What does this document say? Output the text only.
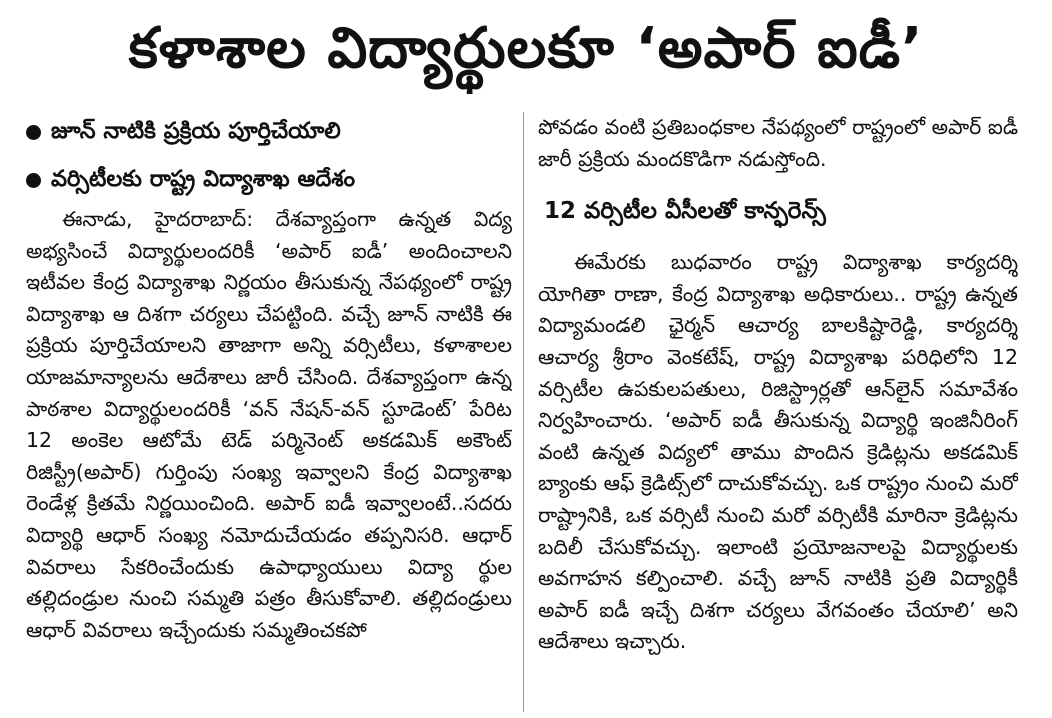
కళాశాల విద్యార్థులకూ ‘అపార్ ఐడీ’
జూన్ నాటికి ప్రక్రియ పూర్తిచేయాలి
వర్సిటీలకు రాష్ట్ర విద్యాశాఖ ఆదేశం

ఈనాడు, హైదరాబాద్: దేశవ్యాప్తంగా ఉన్నత విద్య అభ్యసించే విద్యార్థులందరికీ ‘అపార్ ఐడీ’ అందించాలని ఇటీవల కేంద్ర విద్యాశాఖ నిర్ణయం తీసుకున్న నేపథ్యంలో రాష్ట్ర విద్యాశాఖ ఆ దిశగా చర్యలు చేపట్టింది. వచ్చే జూన్ నాటికి ఈ ప్రక్రియ పూర్తిచేయాలని తాజాగా అన్ని వర్సిటీలు, కళాశాలల యాజమాన్యాలను ఆదేశాలు జారీ చేసింది. దేశవ్యాప్తంగా ఉన్న పాఠశాల విద్యార్థులందరికీ ‘వన్ నేషన్-వన్ స్టూడెంట్’ పేరిట 12 అంకెల ఆటోమే టెడ్ పర్మినెంట్ అకడమిక్ అకౌంట్ రిజిస్ట్రీ(అపార్) గుర్తింపు సంఖ్య ఇవ్వాలని కేంద్ర విద్యాశాఖ రెండేళ్ల క్రితమే నిర్ణయించింది. అపార్ ఐడీ ఇవ్వాలంటే..సదరు విద్యార్థి ఆధార్ సంఖ్య నమోదుచేయడం తప్పనిసరి. ఆధార్ వివరాలు సేకరించేందుకు ఉపాధ్యాయులు విద్యా ర్థుల తల్లిదండ్రుల నుంచి సమ్మతి పత్రం తీసుకోవాలి. తల్లిదండ్రులు ఆధార్ వివరాలు ఇచ్చేందుకు సమ్మతించకపో

పోవడం వంటి ప్రతిబంధకాల నేపథ్యంలో రాష్ట్రంలో అపార్ ఐడీ జారీ ప్రక్రియ మందకొడిగా నడుస్తోంది.

12 వర్సిటీల వీసీలతో కాన్ఫరెన్స్

ఈమేరకు బుధవారం రాష్ట్ర విద్యాశాఖ కార్యదర్శి యోగితా రాణా, కేంద్ర విద్యాశాఖ అధికారులు.. రాష్ట్ర ఉన్నత విద్యామండలి ఛైర్మన్ ఆచార్య బాలకిష్టారెడ్డి, కార్యదర్శి ఆచార్య శ్రీరాం వెంకటేష్, రాష్ట్ర విద్యాశాఖ పరిధిలోని 12 వర్సిటీల ఉపకులపతులు, రిజిస్ట్రార్లతో ఆన్‌లైన్ సమావేశం నిర్వహించారు. ‘అపార్ ఐడీ తీసుకున్న విద్యార్థి ఇంజినీరింగ్ వంటి ఉన్నత విద్యలో తాము పొందిన క్రెడిట్లను అకడమిక్ బ్యాంకు ఆఫ్ క్రెడిట్స్‌లో దాచుకోవచ్చు. ఒక రాష్ట్రం నుంచి మరో రాష్ట్రానికి, ఒక వర్సిటీ నుంచి మరో వర్సిటీకి మారినా క్రెడిట్లను బదిలీ చేసుకోవచ్చు. ఇలాంటి ప్రయోజనాలపై విద్యార్థులకు అవగాహన కల్పించాలి. వచ్చే జూన్ నాటికి ప్రతి విద్యార్థికీ అపార్ ఐడీ ఇచ్చే దిశగా చర్యలు వేగవంతం చేయాలి’ అని ఆదేశాలు ఇచ్చారు.
